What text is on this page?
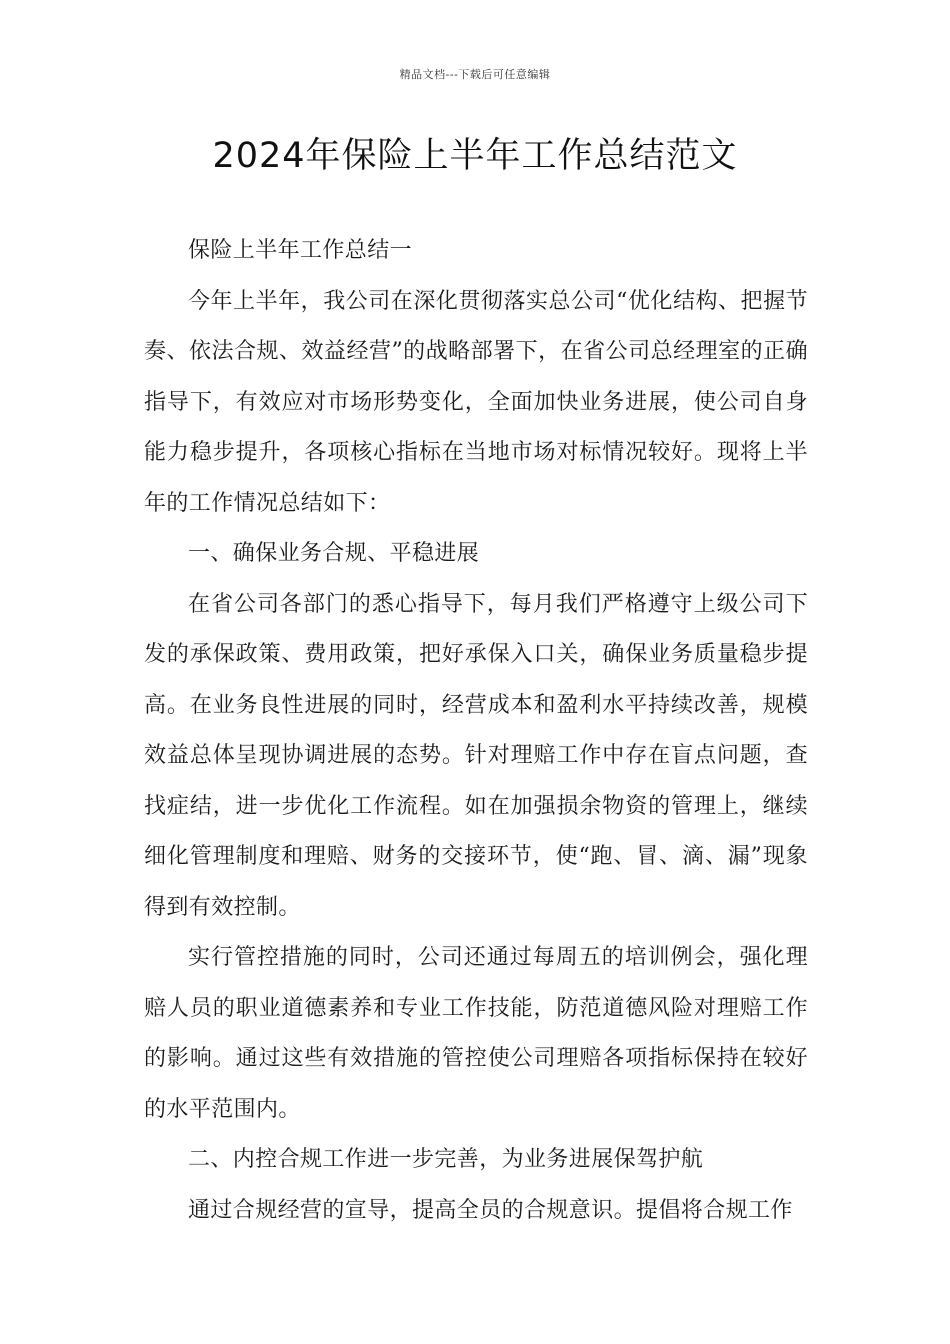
精品文档---下载后可任意编辑
2024年保险上半年工作总结范文

保险上半年工作总结一

今年上半年，我公司在深化贯彻落实总公司“优化结构、把握节奏、依法合规、效益经营”的战略部署下，在省公司总经理室的正确指导下，有效应对市场形势变化，全面加快业务进展，使公司自身能力稳步提升，各项核心指标在当地市场对标情况较好。现将上半年的工作情况总结如下：

一、确保业务合规、平稳进展

在省公司各部门的悉心指导下，每月我们严格遵守上级公司下发的承保政策、费用政策，把好承保入口关，确保业务质量稳步提高。在业务良性进展的同时，经营成本和盈利水平持续改善，规模效益总体呈现协调进展的态势。针对理赔工作中存在盲点问题，查找症结，进一步优化工作流程。如在加强损余物资的管理上，继续细化管理制度和理赔、财务的交接环节，使“跑、冒、滴、漏”现象得到有效控制。

实行管控措施的同时，公司还通过每周五的培训例会，强化理赔人员的职业道德素养和专业工作技能，防范道德风险对理赔工作的影响。通过这些有效措施的管控使公司理赔各项指标保持在较好的水平范围内。

二、内控合规工作进一步完善，为业务进展保驾护航

通过合规经营的宣导，提高全员的合规意识。提倡将合规工作
